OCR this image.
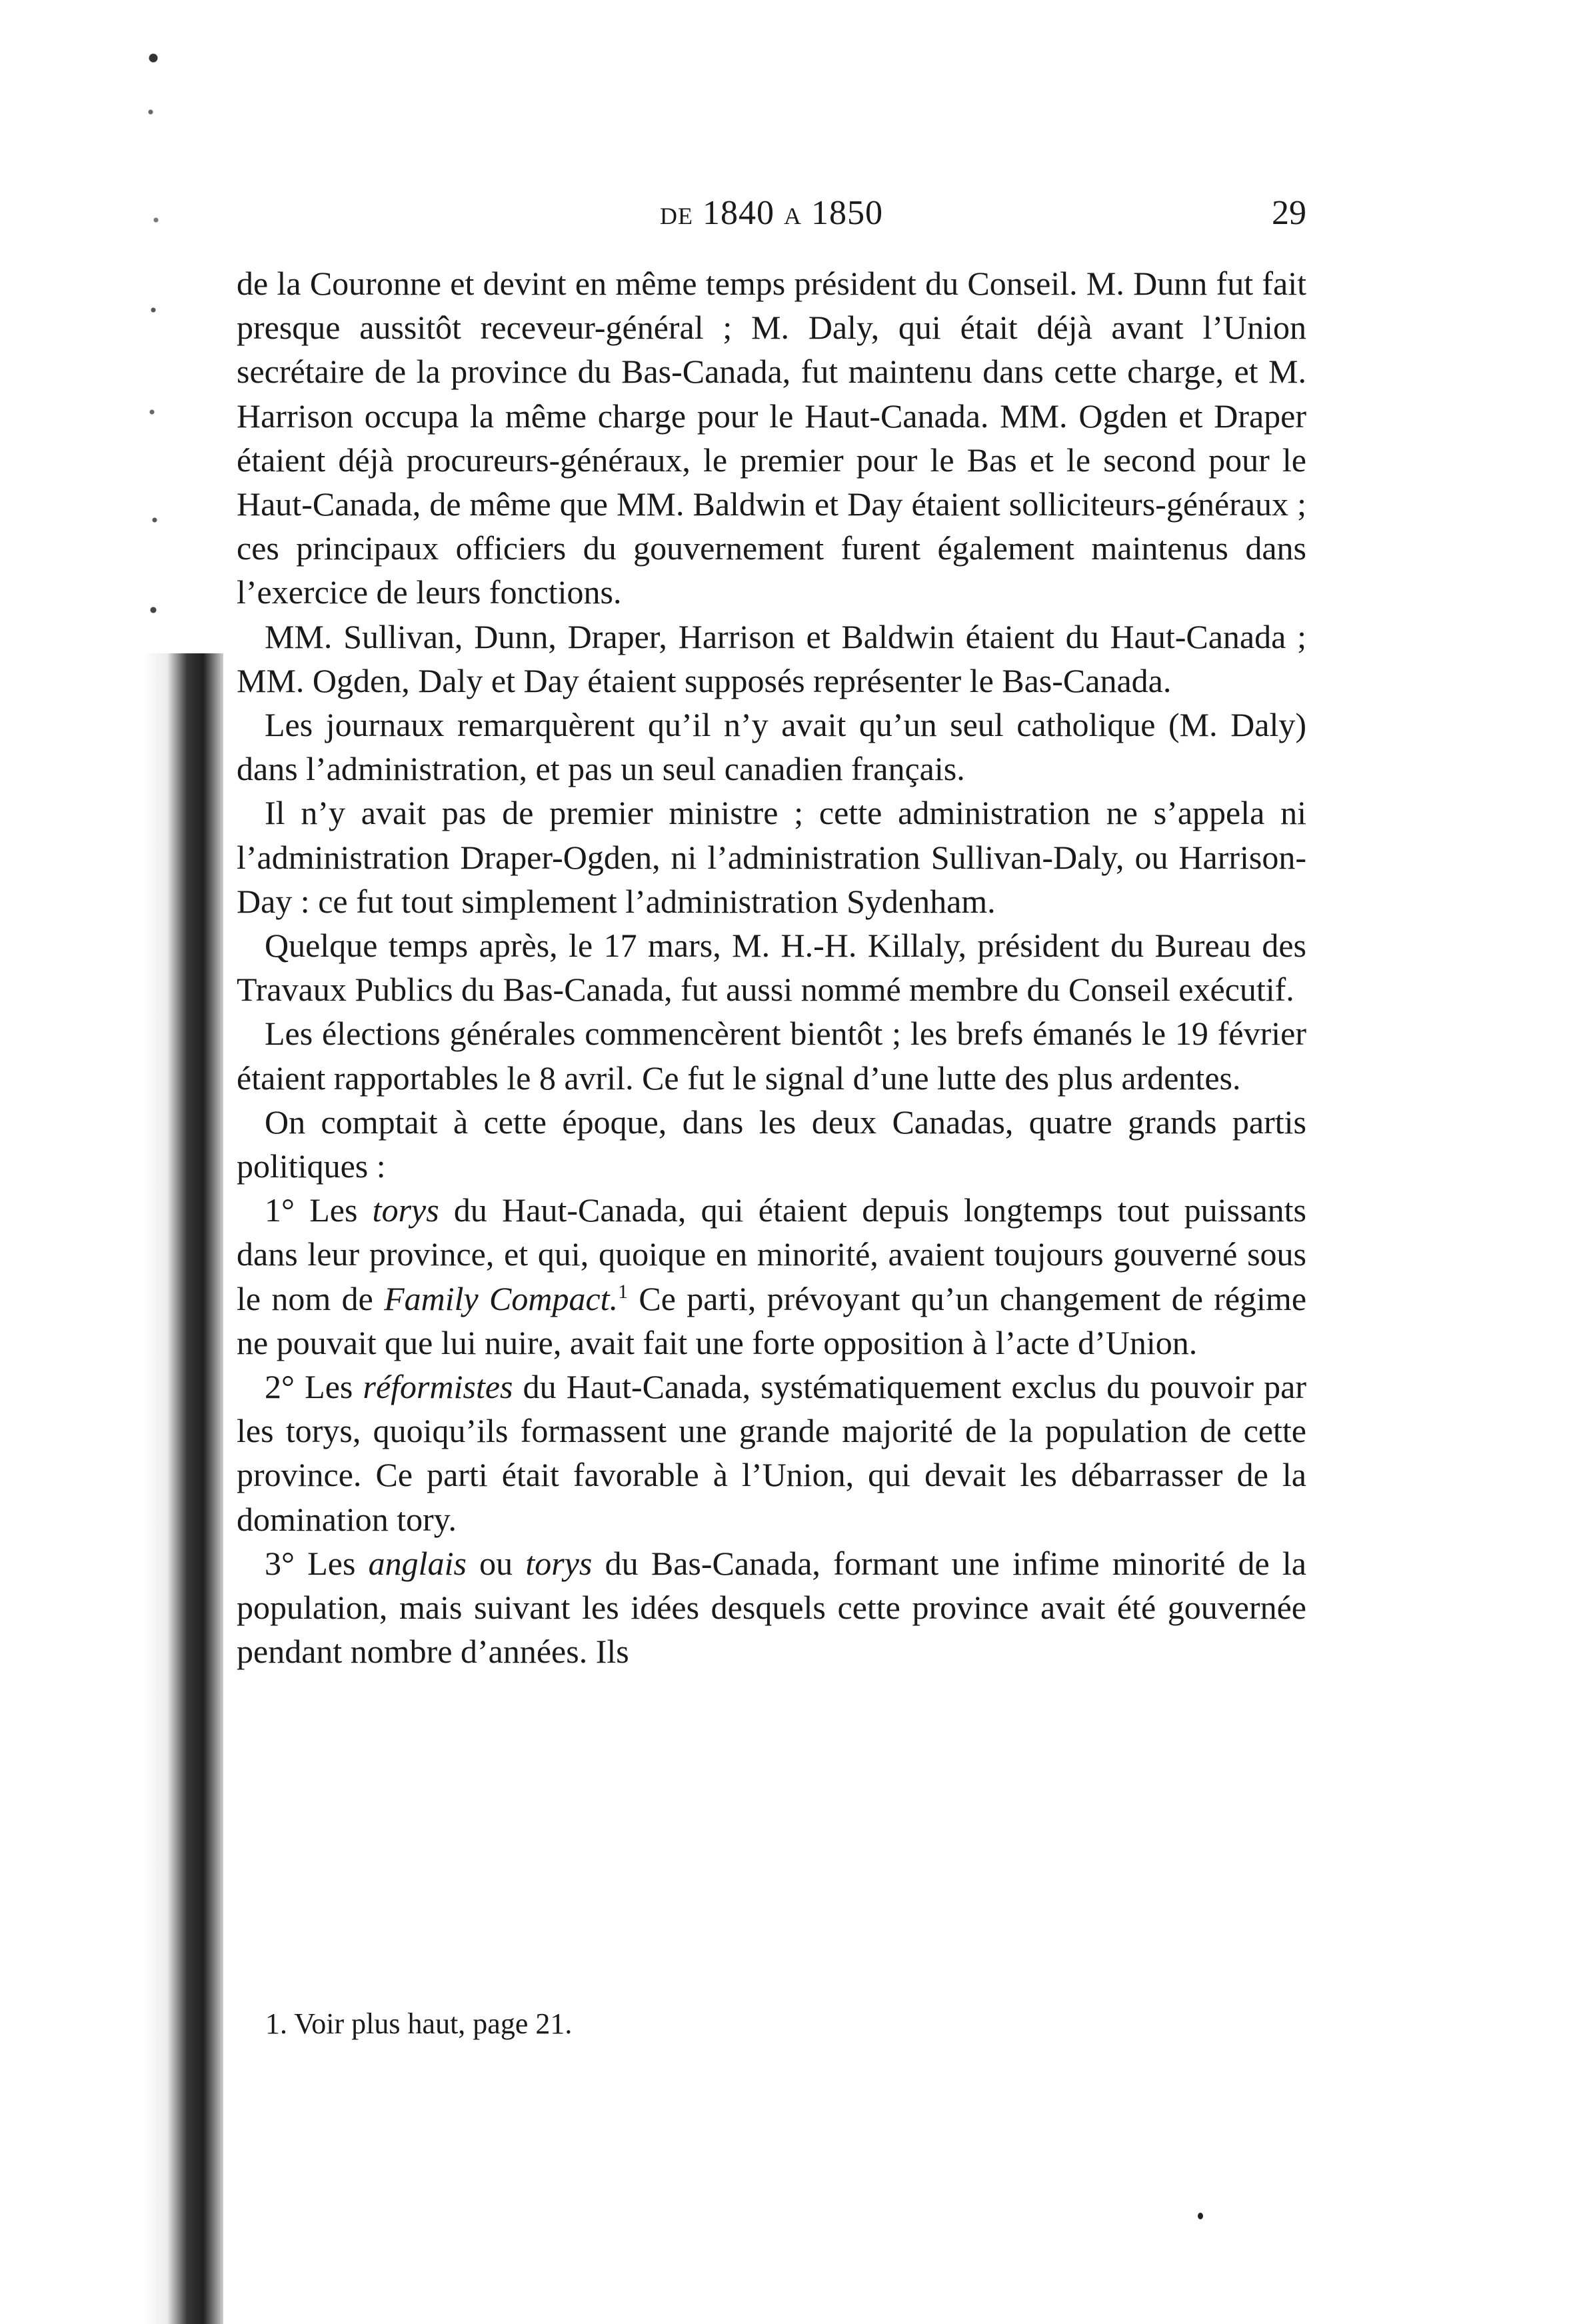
de 1840 a 1850	29

de la Couronne et devint en même temps président du Conseil. M. Dunn fut fait presque aussitôt receveur-général ; M. Daly, qui était déjà avant l’Union secrétaire de la province du Bas-Canada, fut maintenu dans cette charge, et M. Harrison occupa la même charge pour le Haut-Canada. MM. Ogden et Draper étaient déjà procureurs-généraux, le premier pour le Bas et le second pour le Haut-Canada, de même que MM. Baldwin et Day étaient solliciteurs-généraux ; ces principaux officiers du gouvernement furent également maintenus dans l’exercice de leurs fonctions.

MM. Sullivan, Dunn, Draper, Harrison et Baldwin étaient du Haut-Canada ; MM. Ogden, Daly et Day étaient supposés représenter le Bas-Canada.

Les journaux remarquèrent qu’il n’y avait qu’un seul catholique (M. Daly) dans l’administration, et pas un seul canadien français.

Il n’y avait pas de premier ministre ; cette administration ne s’appela ni l’administration Draper-Ogden, ni l’administration Sullivan-Daly, ou Harrison-Day : ce fut tout simplement l’administration Sydenham.

Quelque temps après, le 17 mars, M. H.-H. Killaly, président du Bureau des Travaux Publics du Bas-Canada, fut aussi nommé membre du Conseil exécutif.

Les élections générales commencèrent bientôt ; les brefs émanés le 19 février étaient rapportables le 8 avril. Ce fut le signal d’une lutte des plus ardentes.

On comptait à cette époque, dans les deux Canadas, quatre grands partis politiques :

1° Les torys du Haut-Canada, qui étaient depuis longtemps tout puissants dans leur province, et qui, quoique en minorité, avaient toujours gouverné sous le nom de Family Compact.$^1$ Ce parti, prévoyant qu’un changement de régime ne pouvait que lui nuire, avait fait une forte opposition à l’acte d’Union.

2° Les réformistes du Haut-Canada, systématiquement exclus du pouvoir par les torys, quoiqu’ils formassent une grande majorité de la population de cette province. Ce parti était favorable à l’Union, qui devait les débarrasser de la domination tory.

3° Les anglais ou torys du Bas-Canada, formant une infime minorité de la population, mais suivant les idées desquels cette province avait été gouvernée pendant nombre d’années. Ils

1. Voir plus haut, page 21.
